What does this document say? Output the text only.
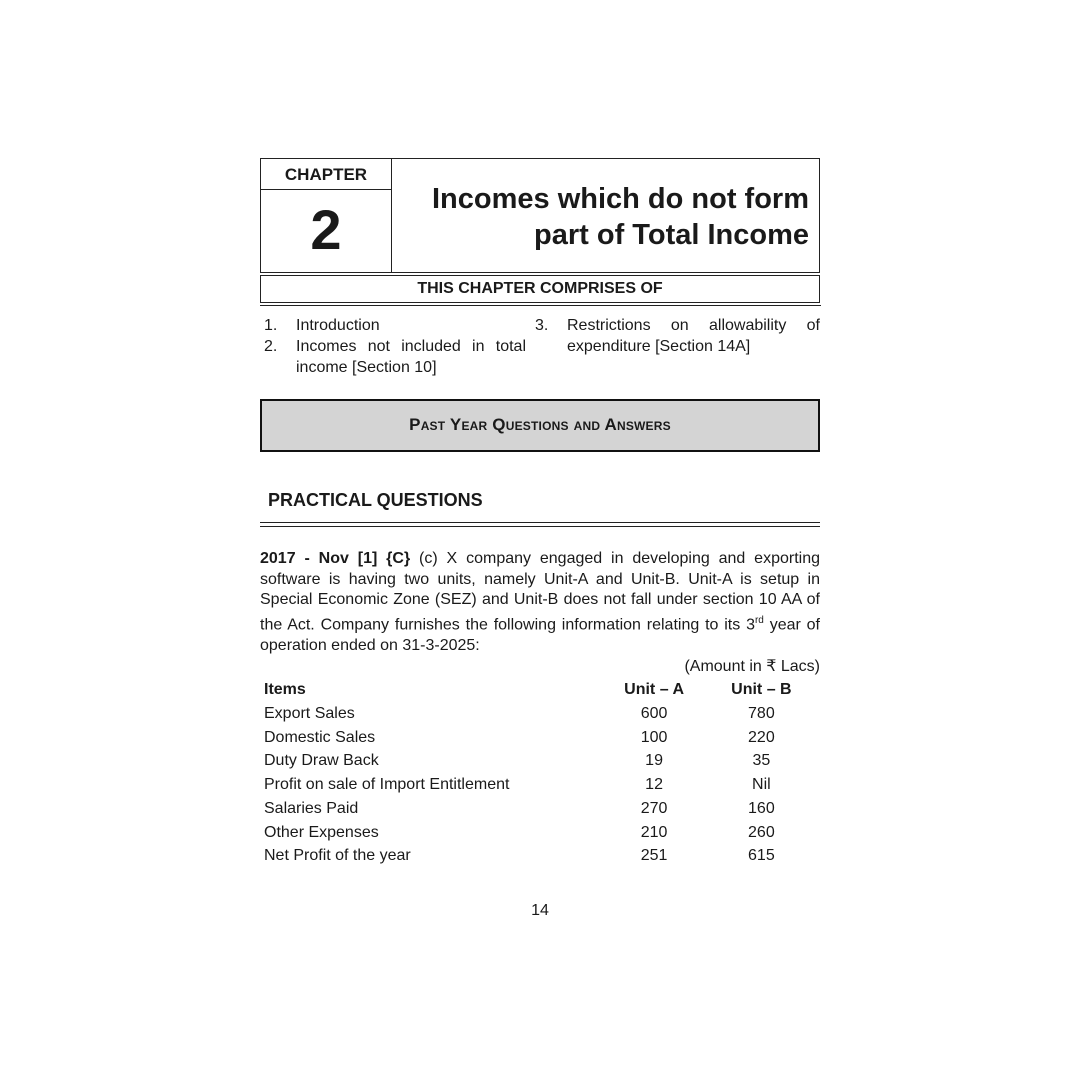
CHAPTER
2	Incomes which do not form
part of Total Income
THIS CHAPTER COMPRISES OF
1.	Introduction
2.	Incomes not included in total income [Section 10]
3.	Restrictions on allowability of expenditure [Section 14A]
Past Year Questions and Answers
PRACTICAL QUESTIONS
2017 - Nov [1] {C} (c) X company engaged in developing and exporting software is having two units, namely Unit-A and Unit-B. Unit-A is setup in Special Economic Zone (SEZ) and Unit-B does not fall under section 10 AA of the Act. Company furnishes the following information relating to its 3rd year of operation ended on 31-3-2025:
(Amount in ₹ Lacs)
Items	Unit – A	Unit – B
Export Sales	600	780
Domestic Sales	100	220
Duty Draw Back	19	35
Profit on sale of Import Entitlement	12	Nil
Salaries Paid	270	160
Other Expenses	210	260
Net Profit of the year	251	615
14
